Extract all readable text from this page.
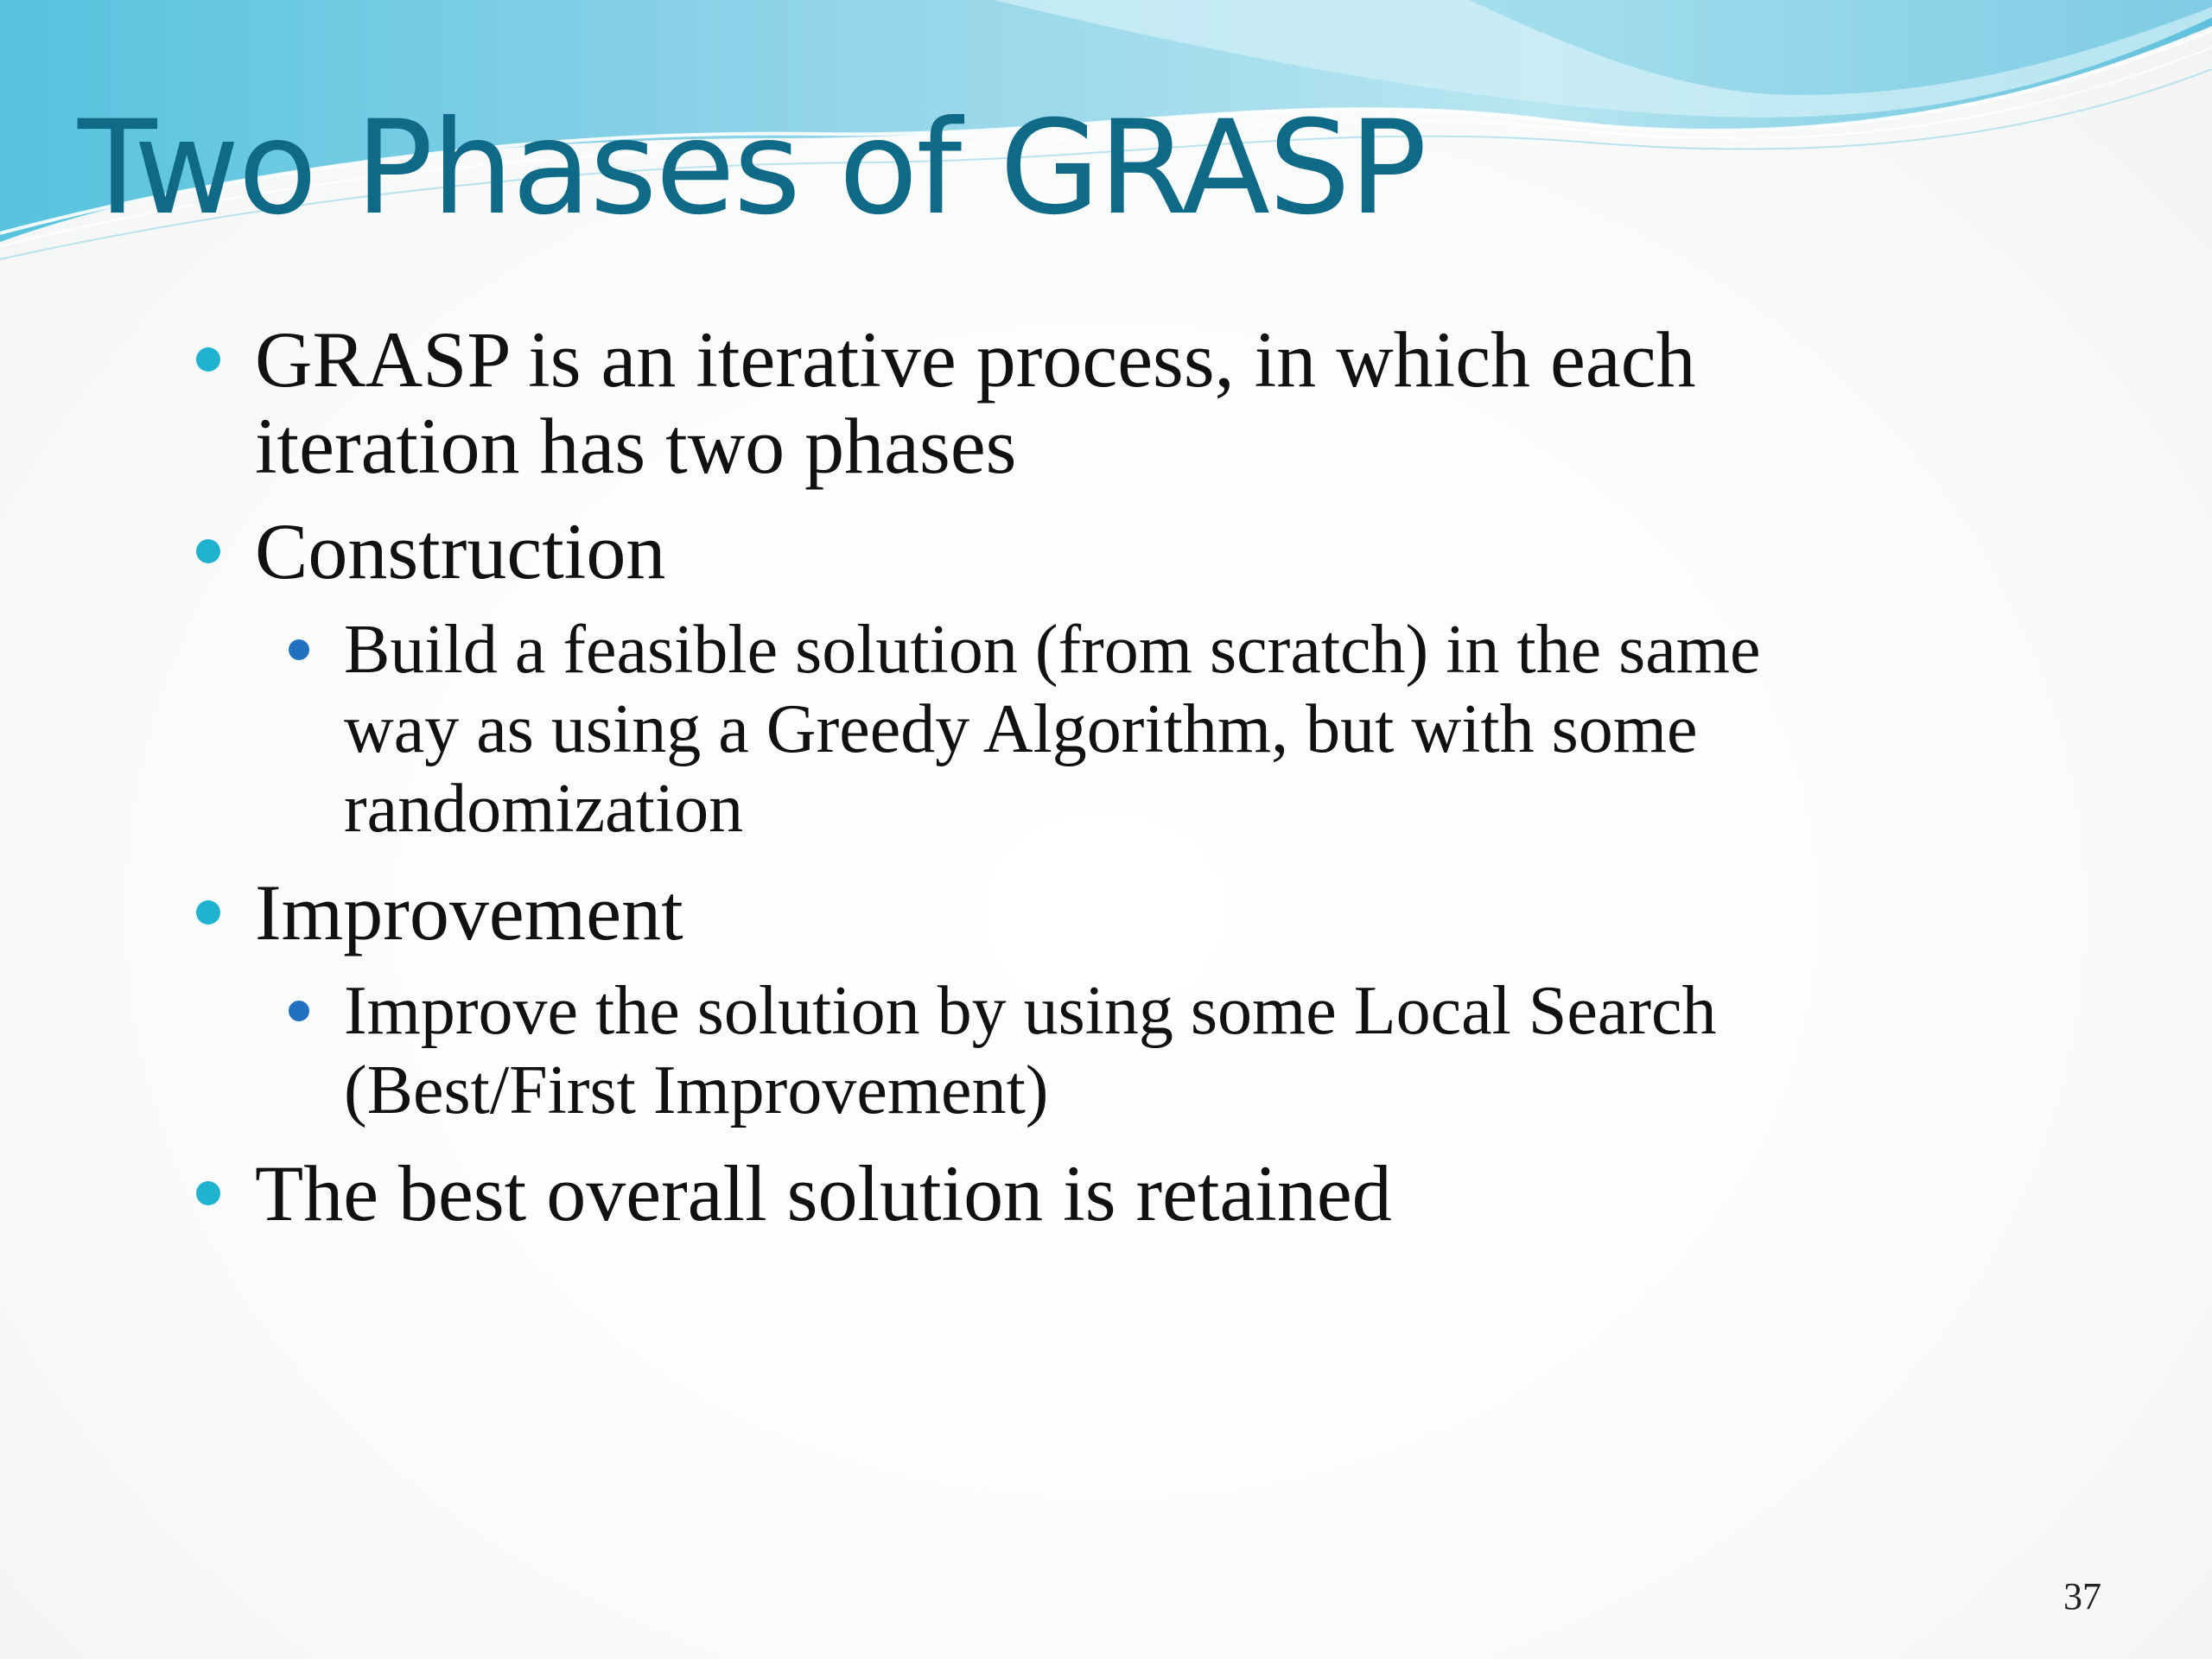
Two Phases of GRASP
GRASP is an iterative process, in which each
iteration has two phases
Construction
Build a feasible solution (from scratch) in the same
way as using a Greedy Algorithm, but with some
randomization
Improvement
Improve the solution by using some Local Search
(Best/First Improvement)
The best overall solution is retained
37
